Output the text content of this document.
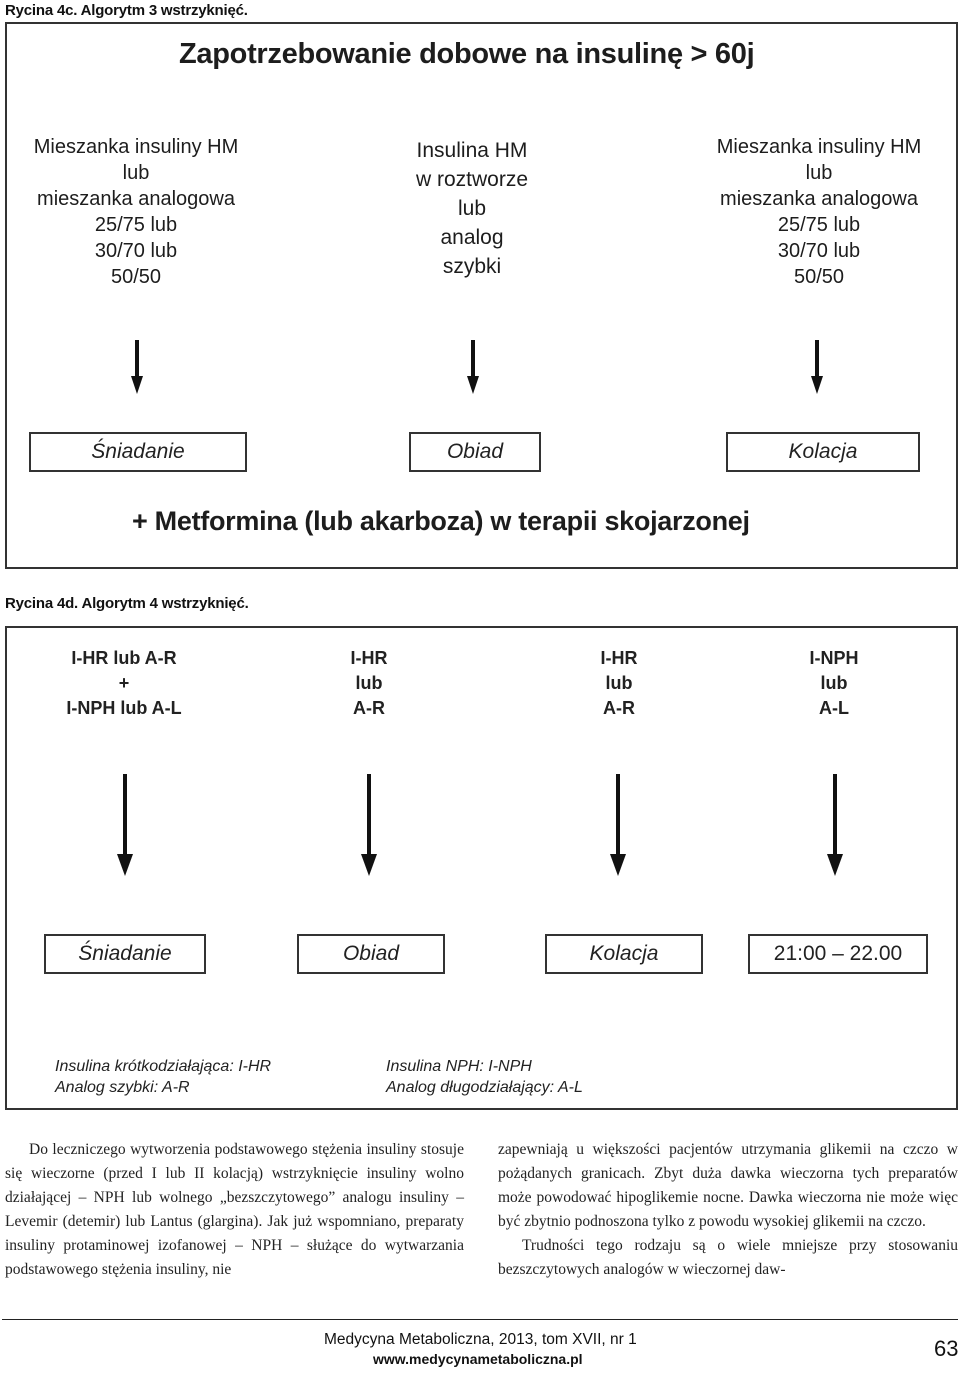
Rycina 4c. Algorytm 3 wstrzyknięć.
Zapotrzebowanie dobowe na insulinę > 60j
Mieszanka insuliny HM
lub
mieszanka analogowa
25/75 lub
30/70 lub
50/50
Insulina HM
w roztworze
lub
analog
szybki
Mieszanka insuliny HM
lub
mieszanka analogowa
25/75 lub
30/70 lub
50/50
Śniadanie	Obiad	Kolacja
+ Metformina (lub akarboza) w terapii skojarzonej
Rycina 4d. Algorytm 4 wstrzyknięć.
I-HR lub A-R
+
I-NPH lub A-L
I-HR
lub
A-R
I-HR
lub
A-R
I-NPH
lub
A-L
Śniadanie	Obiad	Kolacja	21:00 – 22.00
Insulina krótkodziałająca: I-HR
Analog szybki: A-R
Insulina NPH: I-NPH
Analog długodziałający: A-L

Do leczniczego wytworzenia podstawowego stężenia insuliny stosuje się wieczorne (przed I lub II kolacją) wstrzyknięcie insuliny wolno działającej – NPH lub wolnego „bezszczytowego” analogu insuliny – Levemir (detemir) lub Lantus (glargina). Jak już wspomniano, preparaty insuliny protaminowej izofanowej – NPH – służące do wytwarzania podstawowego stężenia insuliny, nie

zapewniają u większości pacjentów utrzymania glikemii na czczo w pożądanych granicach. Zbyt duża dawka wieczorna tych preparatów może powodować hipoglikemie nocne. Dawka wieczorna nie może więc być zbytnio podnoszona tylko z powodu wysokiej glikemii na czczo.

Trudności tego rodzaju są o wiele mniejsze przy stosowaniu bezszczytowych analogów w wieczornej daw-

Medycyna Metaboliczna, 2013, tom XVII, nr 1
www.medycynametaboliczna.pl	63
